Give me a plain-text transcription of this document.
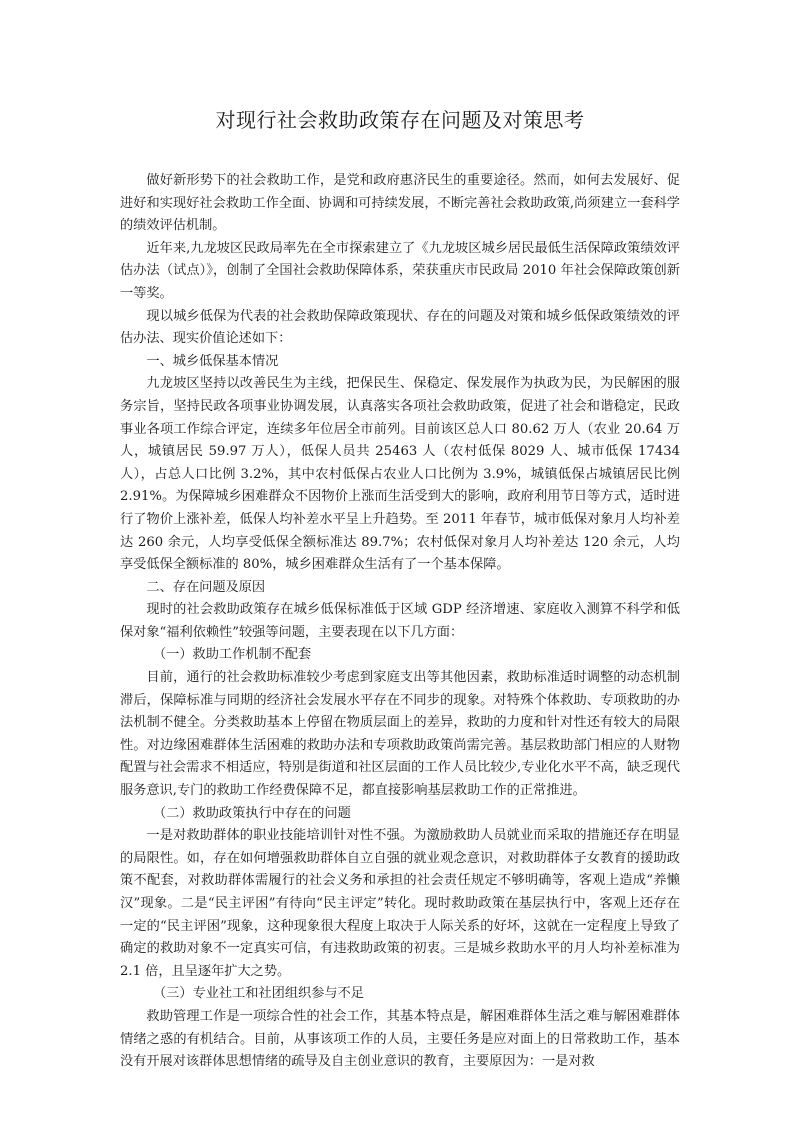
对现行社会救助政策存在问题及对策思考

做好新形势下的社会救助工作，是党和政府惠济民生的重要途径。然而，如何去发展好、促进好和实现好社会救助工作全面、协调和可持续发展，不断完善社会救助政策,尚须建立一套科学的绩效评估机制。

近年来,九龙坡区民政局率先在全市探索建立了《九龙坡区城乡居民最低生活保障政策绩效评估办法（试点）》，创制了全国社会救助保障体系，荣获重庆市民政局 2010 年社会保障政策创新一等奖。

现以城乡低保为代表的社会救助保障政策现状、存在的问题及对策和城乡低保政策绩效的评估办法、现实价值论述如下：

一、城乡低保基本情况

九龙坡区坚持以改善民生为主线，把保民生、保稳定、保发展作为执政为民，为民解困的服务宗旨，坚持民政各项事业协调发展，认真落实各项社会救助政策，促进了社会和谐稳定，民政事业各项工作综合评定，连续多年位居全市前列。目前该区总人口 80.62 万人（农业 20.64 万人，城镇居民 59.97 万人），低保人员共 25463 人（农村低保 8029 人、城市低保 17434 人），占总人口比例 3.2%，其中农村低保占农业人口比例为 3.9%，城镇低保占城镇居民比例 2.91%。为保障城乡困难群众不因物价上涨而生活受到大的影响，政府利用节日等方式，适时进行了物价上涨补差，低保人均补差水平呈上升趋势。至 2011 年春节，城市低保对象月人均补差达 260 余元，人均享受低保全额标准达 89.7%；农村低保对象月人均补差达 120 余元，人均享受低保全额标准的 80%，城乡困难群众生活有了一个基本保障。

二、存在问题及原因

现时的社会救助政策存在城乡低保标准低于区域 GDP 经济增速、家庭收入测算不科学和低保对象“福利依赖性”较强等问题，主要表现在以下几方面：

（一）救助工作机制不配套

目前，通行的社会救助标准较少考虑到家庭支出等其他因素，救助标准适时调整的动态机制滞后，保障标准与同期的经济社会发展水平存在不同步的现象。对特殊个体救助、专项救助的办法机制不健全。分类救助基本上停留在物质层面上的差异，救助的力度和针对性还有较大的局限性。对边缘困难群体生活困难的救助办法和专项救助政策尚需完善。基层救助部门相应的人财物配置与社会需求不相适应，特别是街道和社区层面的工作人员比较少,专业化水平不高，缺乏现代服务意识,专门的救助工作经费保障不足，都直接影响基层救助工作的正常推进。

（二）救助政策执行中存在的问题

一是对救助群体的职业技能培训针对性不强。为激励救助人员就业而采取的措施还存在明显的局限性。如，存在如何增强救助群体自立自强的就业观念意识，对救助群体子女教育的援助政策不配套，对救助群体需履行的社会义务和承担的社会责任规定不够明确等，客观上造成“养懒汉”现象。二是“民主评困”有待向“民主评定”转化。现时救助政策在基层执行中，客观上还存在一定的“民主评困”现象，这种现象很大程度上取决于人际关系的好坏，这就在一定程度上导致了确定的救助对象不一定真实可信，有违救助政策的初衷。三是城乡救助水平的月人均补差标准为 2.1 倍，且呈逐年扩大之势。

（三）专业社工和社团组织参与不足

救助管理工作是一项综合性的社会工作，其基本特点是，解困难群体生活之难与解困难群体情绪之惑的有机结合。目前，从事该项工作的人员，主要任务是应对面上的日常救助工作，基本没有开展对该群体思想情绪的疏导及自主创业意识的教育，主要原因为：一是对救
